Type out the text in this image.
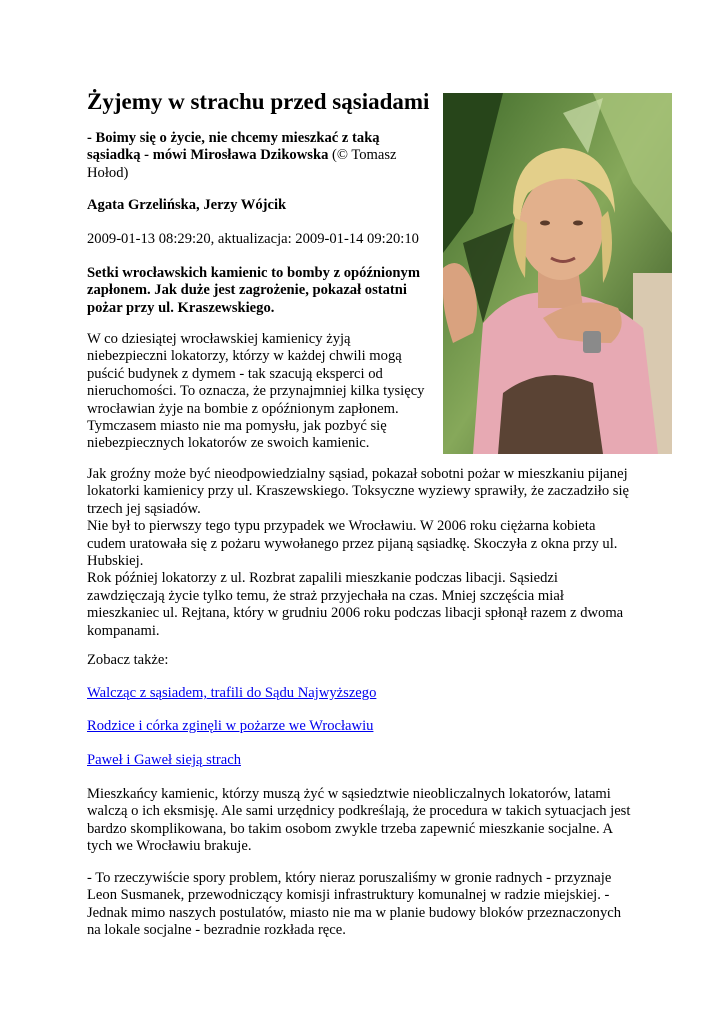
Żyjemy w strachu przed sąsiadami
- Boimy się o życie, nie chcemy mieszkać z taką sąsiadką - mówi Mirosława Dzikowska (© Tomasz Hołod)
Agata Grzelińska, Jerzy Wójcik
2009-01-13 08:29:20, aktualizacja: 2009-01-14 09:20:10
Setki wrocławskich kamienic to bomby z opóźnionym zapłonem. Jak duże jest zagrożenie, pokazał ostatni pożar przy ul. Kraszewskiego.
W co dziesiątej wrocławskiej kamienicy żyją niebezpieczni lokatorzy, którzy w każdej chwili mogą puścić budynek z dymem - tak szacują eksperci od nieruchomości. To oznacza, że przynajmniej kilka tysięcy wrocławian żyje na bombie z opóźnionym zapłonem. Tymczasem miasto nie ma pomysłu, jak pozbyć się niebezpiecznych lokatorów ze swoich kamienic.
Jak groźny może być nieodpowiedzialny sąsiad, pokazał sobotni pożar w mieszkaniu pijanej
lokatorki kamienicy przy ul. Kraszewskiego. Toksyczne wyziewy sprawiły, że zaczadziło się
trzech jej sąsiadów.
Nie był to pierwszy tego typu przypadek we Wrocławiu. W 2006 roku ciężarna kobieta
cudem uratowała się z pożaru wywołanego przez pijaną sąsiadkę. Skoczyła z okna przy ul.
Hubskiej.
Rok później lokatorzy z ul. Rozbrat zapalili mieszkanie podczas libacji. Sąsiedzi
zawdzięczają życie tylko temu, że straż przyjechała na czas. Mniej szczęścia miał
mieszkaniec ul. Rejtana, który w grudniu 2006 roku podczas libacji spłonął razem z dwoma
kompanami.
Zobacz także:
Walcząc z sąsiadem, trafili do Sądu Najwyższego
Rodzice i córka zginęli w pożarze we Wrocławiu
Paweł i Gaweł sieją strach
Mieszkańcy kamienic, którzy muszą żyć w sąsiedztwie nieobliczalnych lokatorów, latami
walczą o ich eksmisję. Ale sami urzędnicy podkreślają, że procedura w takich sytuacjach jest
bardzo skomplikowana, bo takim osobom zwykle trzeba zapewnić mieszkanie socjalne. A
tych we Wrocławiu brakuje.
- To rzeczywiście spory problem, który nieraz poruszaliśmy w gronie radnych - przyznaje
Leon Susmanek, przewodniczący komisji infrastruktury komunalnej w radzie miejskiej. -
Jednak mimo naszych postulatów, miasto nie ma w planie budowy bloków przeznaczonych
na lokale socjalne - bezradnie rozkłada ręce.
